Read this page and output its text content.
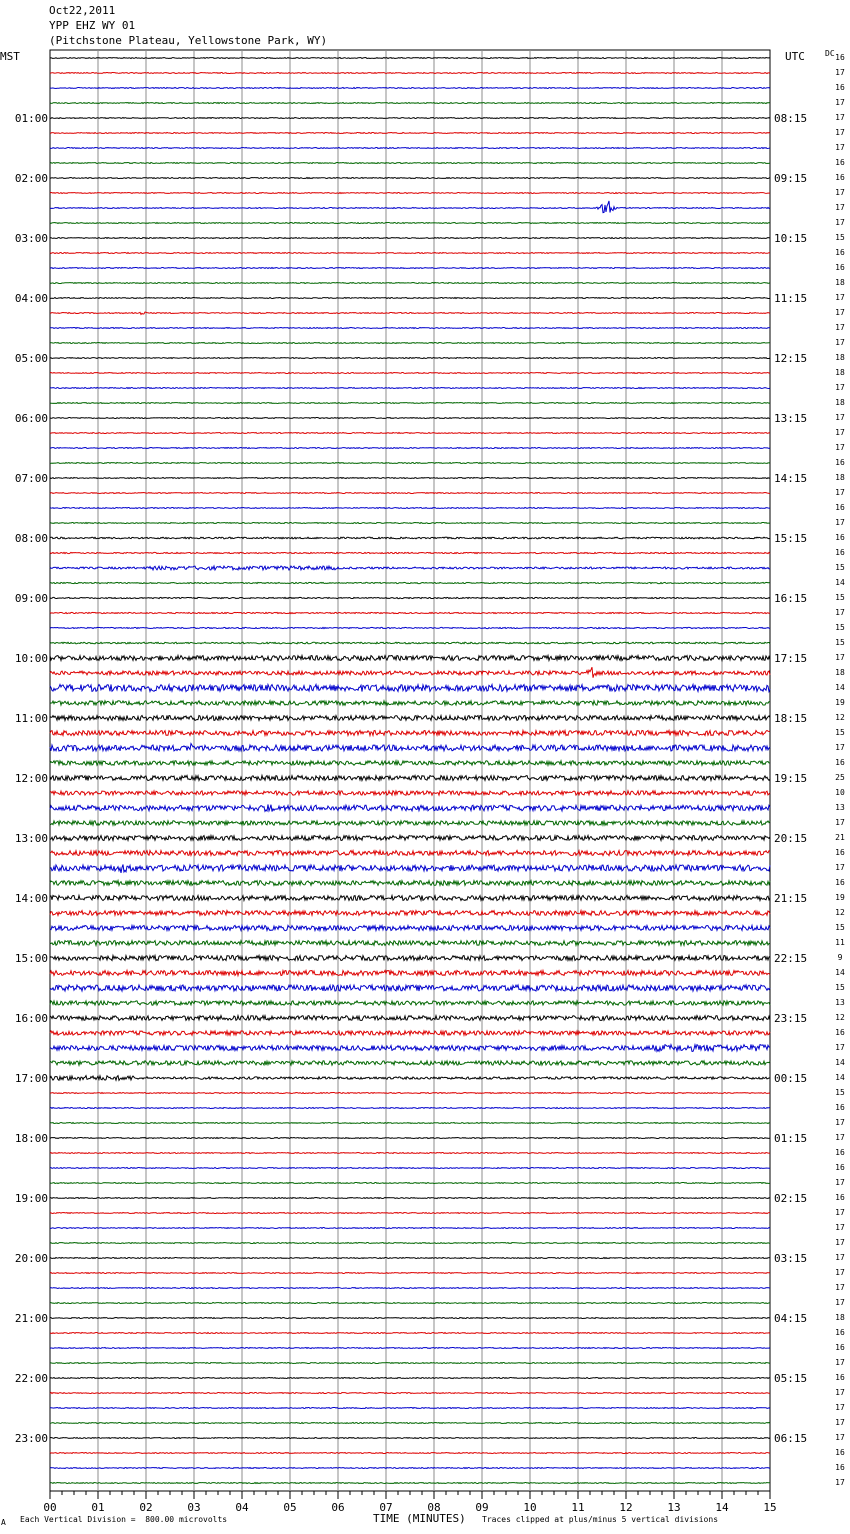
Oct22,2011
YPP EHZ WY 01
(Pitchstone Plateau, Yellowstone Park, WY)
16
17
16
17
17
17
17
16
16
17
17
17
15
16
16
18
17
17
17
17
18
18
17
18
17
17
17
16
18
17
16
17
16
16
15
14
15
17
15
15
17
18
14
19
12
15
17
16
25
10
13
17
21
16
17
16
19
12
15
11
9
14
15
13
12
16
17
14
14
15
16
17
17
16
16
17
16
17
17
17
17
17
17
17
18
16
16
17
16
17
17
17
17
16
16
17
MST	UTC	DC
01:00
02:00
03:00
04:00
05:00
06:00
07:00
08:00
09:00
10:00
11:00
12:00
13:00
14:00
15:00
16:00
17:00
18:00
19:00
20:00
21:00
22:00
23:00
08:15
09:15
10:15
11:15
12:15
13:15
14:15
15:15
16:15
17:15
18:15
19:15
20:15
21:15
22:15
23:15
00:15
01:15
02:15
03:15
04:15
05:15
06:15
00	01	02	03	04	05	06	07	08	09	10	11	12	13	14	15
A Each Vertical Division =  800.00 microvolts	TIME (MINUTES) Traces clipped at plus/minus 5 vertical divisions
